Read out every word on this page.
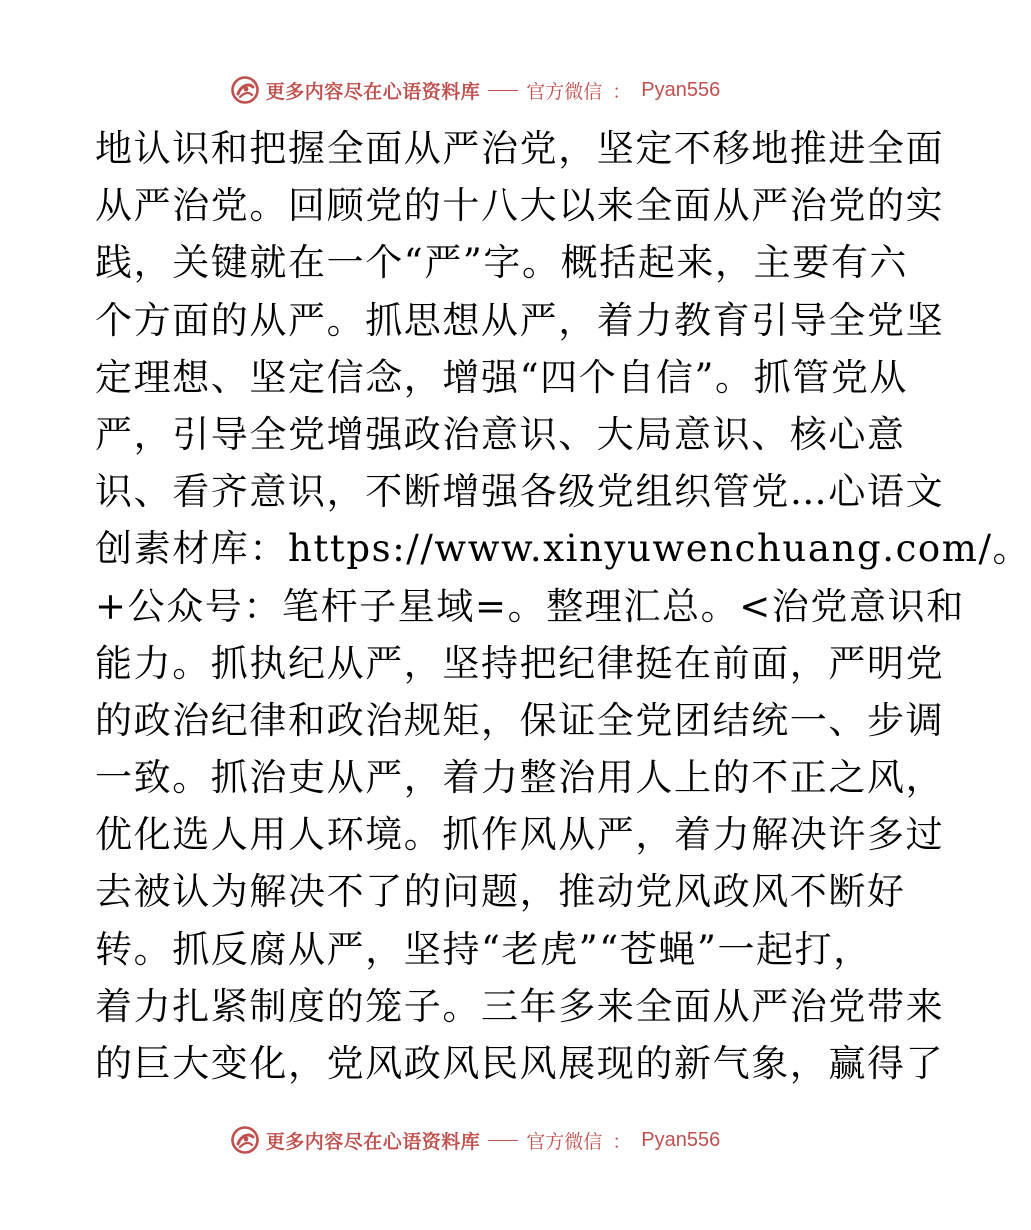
更多内容尽在心语资料库 官方微信 ： Pyan556
地认识和把握全面从严治党，坚定不移地推进全面
从严治党。回顾党的十八大以来全面从严治党的实
践，关键就在一个“严”字。概括起来，主要有六
个方面的从严。抓思想从严，着力教育引导全党坚
定理想、坚定信念，增强“四个自信”。抓管党从
严，引导全党增强政治意识、大局意识、核心意
识、看齐意识，不断增强各级党组织管党…心语文
创素材库：https://www.xinyuwenchuang.com/。
+公众号：笔杆子星域=。整理汇总。<治党意识和
能力。抓执纪从严，坚持把纪律挺在前面，严明党
的政治纪律和政治规矩，保证全党团结统一、步调
一致。抓治吏从严，着力整治用人上的不正之风，
优化选人用人环境。抓作风从严，着力解决许多过
去被认为解决不了的问题，推动党风政风不断好
转。抓反腐从严，坚持“老虎”“苍蝇”一起打，
着力扎紧制度的笼子。三年多来全面从严治党带来
的巨大变化，党风政风民风展现的新气象，赢得了
更多内容尽在心语资料库 官方微信 ： Pyan556
